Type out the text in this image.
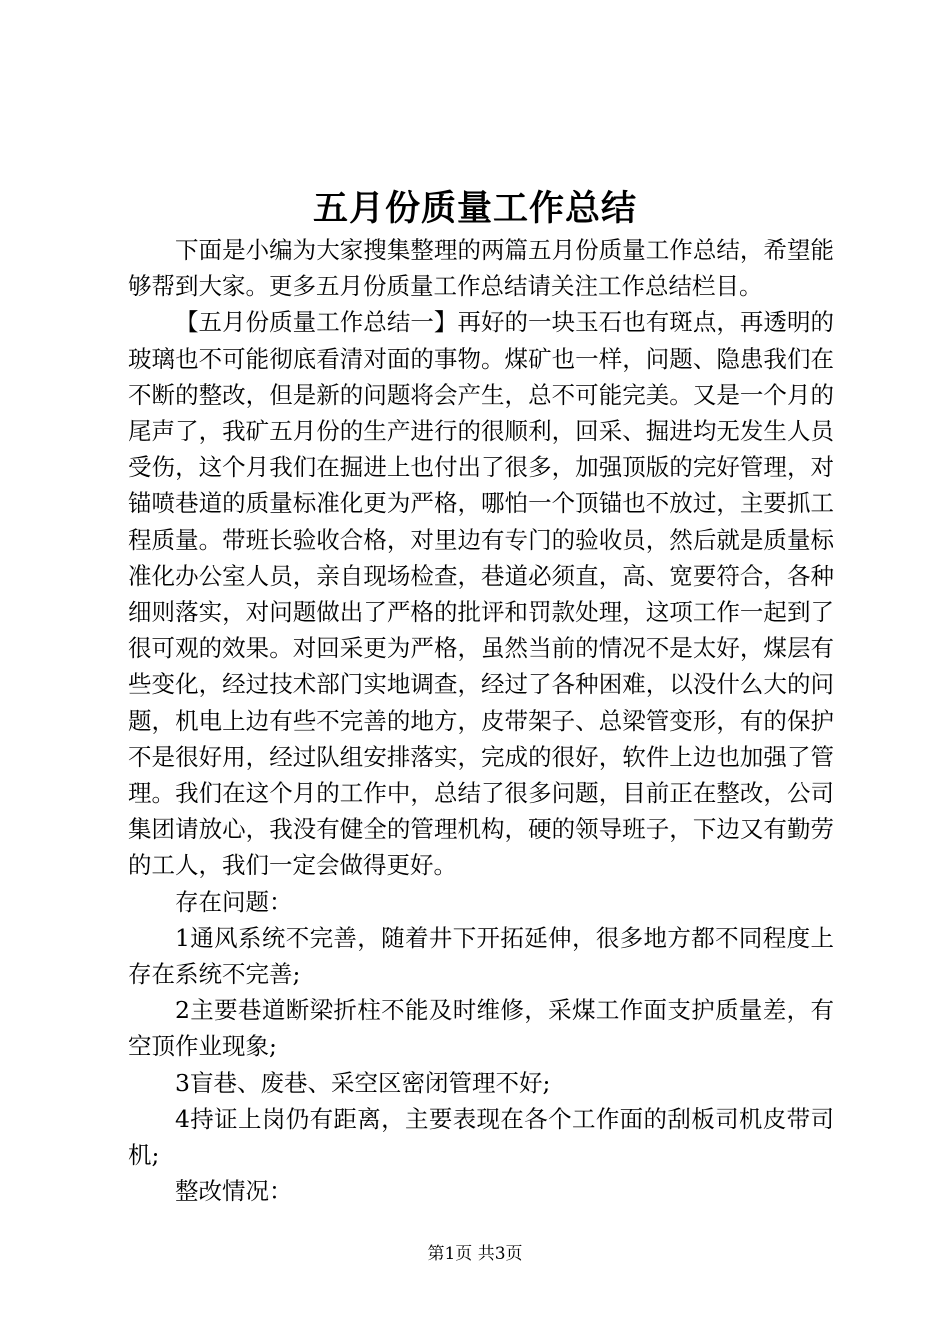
五月份质量工作总结

下面是小编为大家搜集整理的两篇五月份质量工作总结，希望能够帮到大家。更多五月份质量工作总结请关注工作总结栏目。

【五月份质量工作总结一】再好的一块玉石也有斑点，再透明的玻璃也不可能彻底看清对面的事物。煤矿也一样，问题、隐患我们在不断的整改，但是新的问题将会产生，总不可能完美。又是一个月的尾声了，我矿五月份的生产进行的很顺利，回采、掘进均无发生人员受伤，这个月我们在掘进上也付出了很多，加强顶版的完好管理，对锚喷巷道的质量标准化更为严格，哪怕一个顶锚也不放过，主要抓工程质量。带班长验收合格，对里边有专门的验收员，然后就是质量标准化办公室人员，亲自现场检查，巷道必须直，高、宽要符合，各种细则落实，对问题做出了严格的批评和罚款处理，这项工作一起到了很可观的效果。对回采更为严格，虽然当前的情况不是太好，煤层有些变化，经过技术部门实地调查，经过了各种困难，以没什么大的问题，机电上边有些不完善的地方，皮带架子、总梁管变形，有的保护不是很好用，经过队组安排落实，完成的很好，软件上边也加强了管理。我们在这个月的工作中，总结了很多问题，目前正在整改，公司集团请放心，我没有健全的管理机构，硬的领导班子，下边又有勤劳的工人，我们一定会做得更好。

存在问题：

1通风系统不完善，随着井下开拓延伸，很多地方都不同程度上存在系统不完善;

2主要巷道断梁折柱不能及时维修，采煤工作面支护质量差，有空顶作业现象;

3盲巷、废巷、采空区密闭管理不好;

4持证上岗仍有距离，主要表现在各个工作面的刮板司机皮带司机;

整改情况：

第1页 共3页
